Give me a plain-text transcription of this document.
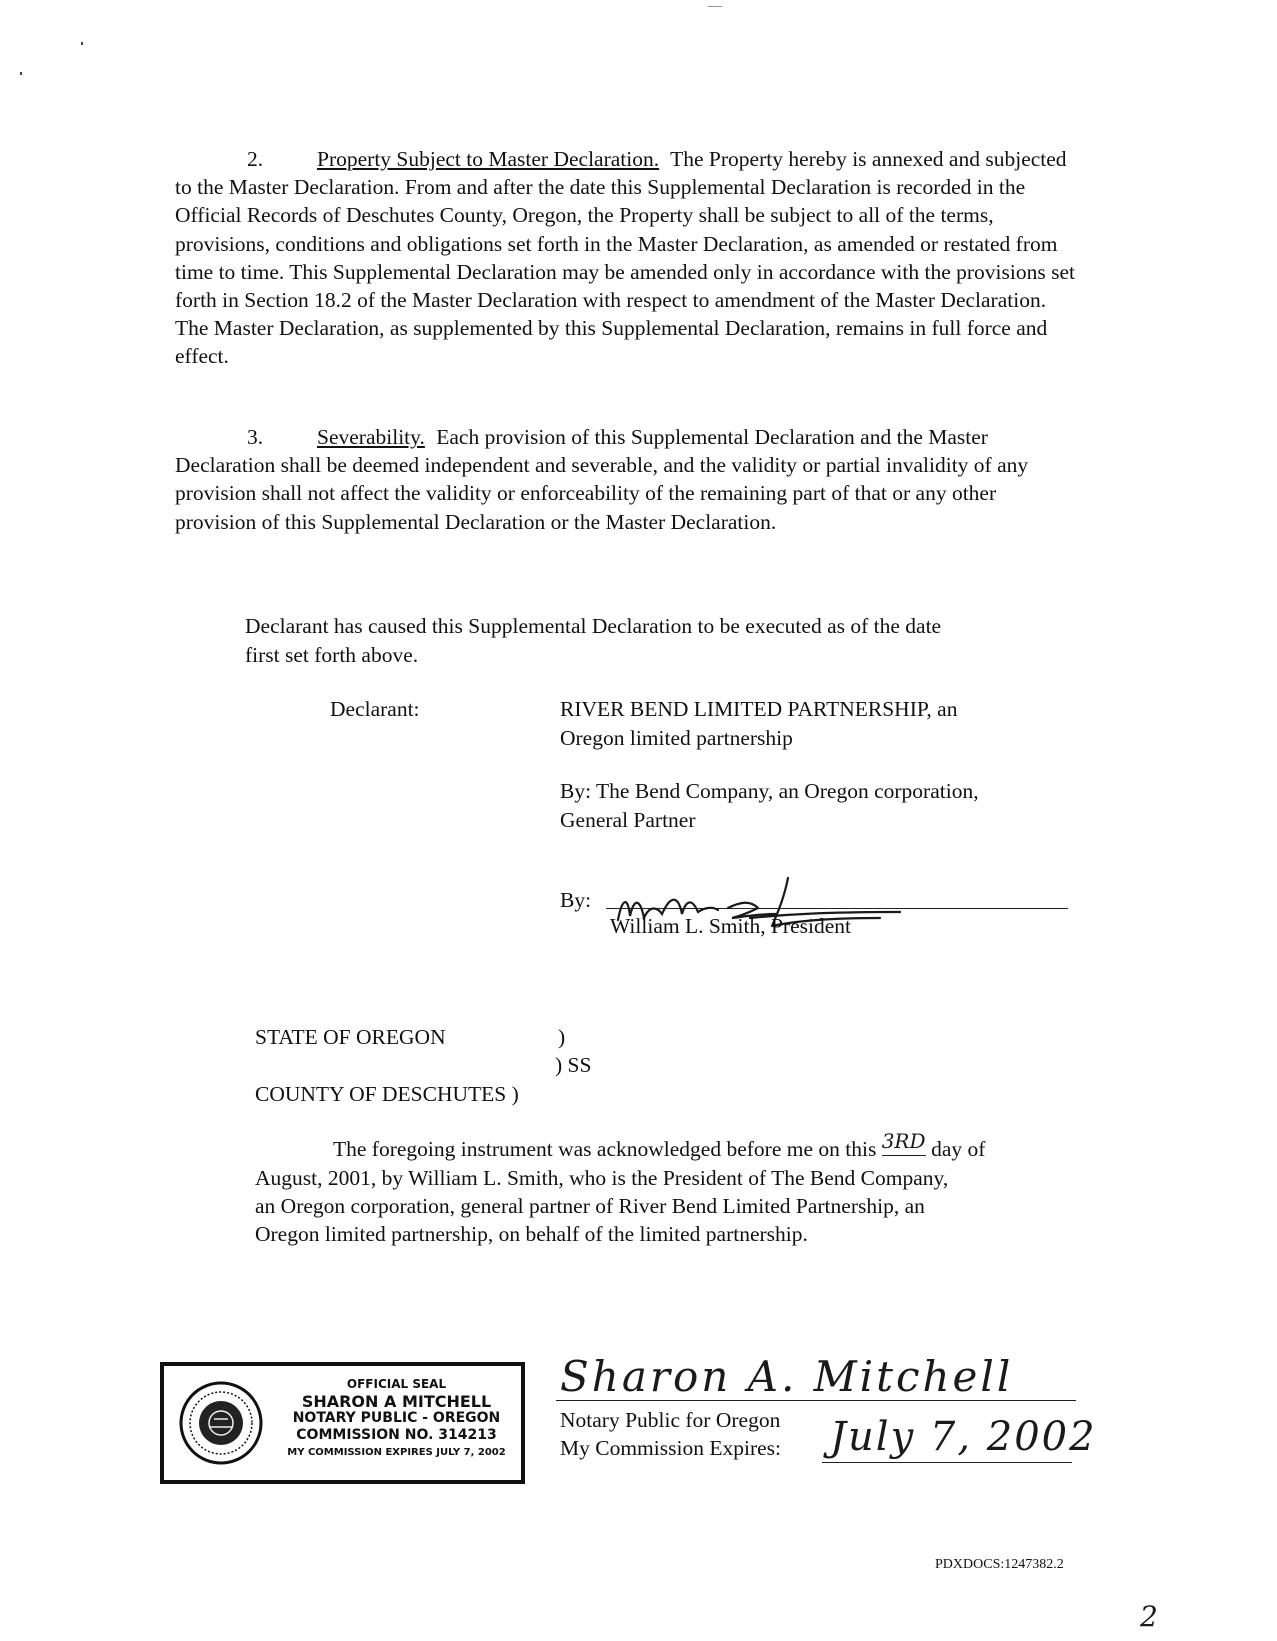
2.	Property Subject to Master Declaration. The Property hereby is annexed and subjected to the Master Declaration. From and after the date this Supplemental Declaration is recorded in the Official Records of Deschutes County, Oregon, the Property shall be subject to all of the terms, provisions, conditions and obligations set forth in the Master Declaration, as amended or restated from time to time. This Supplemental Declaration may be amended only in accordance with the provisions set forth in Section 18.2 of the Master Declaration with respect to amendment of the Master Declaration. The Master Declaration, as supplemented by this Supplemental Declaration, remains in full force and effect.
3.	Severability. Each provision of this Supplemental Declaration and the Master Declaration shall be deemed independent and severable, and the validity or partial invalidity of any provision shall not affect the validity or enforceability of the remaining part of that or any other provision of this Supplemental Declaration or the Master Declaration.
Declarant has caused this Supplemental Declaration to be executed as of the date
first set forth above.
Declarant:	RIVER BEND LIMITED PARTNERSHIP, an
Oregon limited partnership
By: The Bend Company, an Oregon corporation,
General Partner
By:
William L. Smith, President
STATE OF OREGON	)
) SS
COUNTY OF DESCHUTES )
The foregoing instrument was acknowledged before me on this 3RD day of
August, 2001, by William L. Smith, who is the President of The Bend Company,
an Oregon corporation, general partner of River Bend Limited Partnership, an
Oregon limited partnership, on behalf of the limited partnership.
OFFICIAL SEAL
SHARON A MITCHELL
NOTARY PUBLIC - OREGON
COMMISSION NO. 314213
MY COMMISSION EXPIRES JULY 7, 2002
Sharon A. Mitchell
Notary Public for Oregon
My Commission Expires: July 7, 2002
PDXDOCS:1247382.2
2
